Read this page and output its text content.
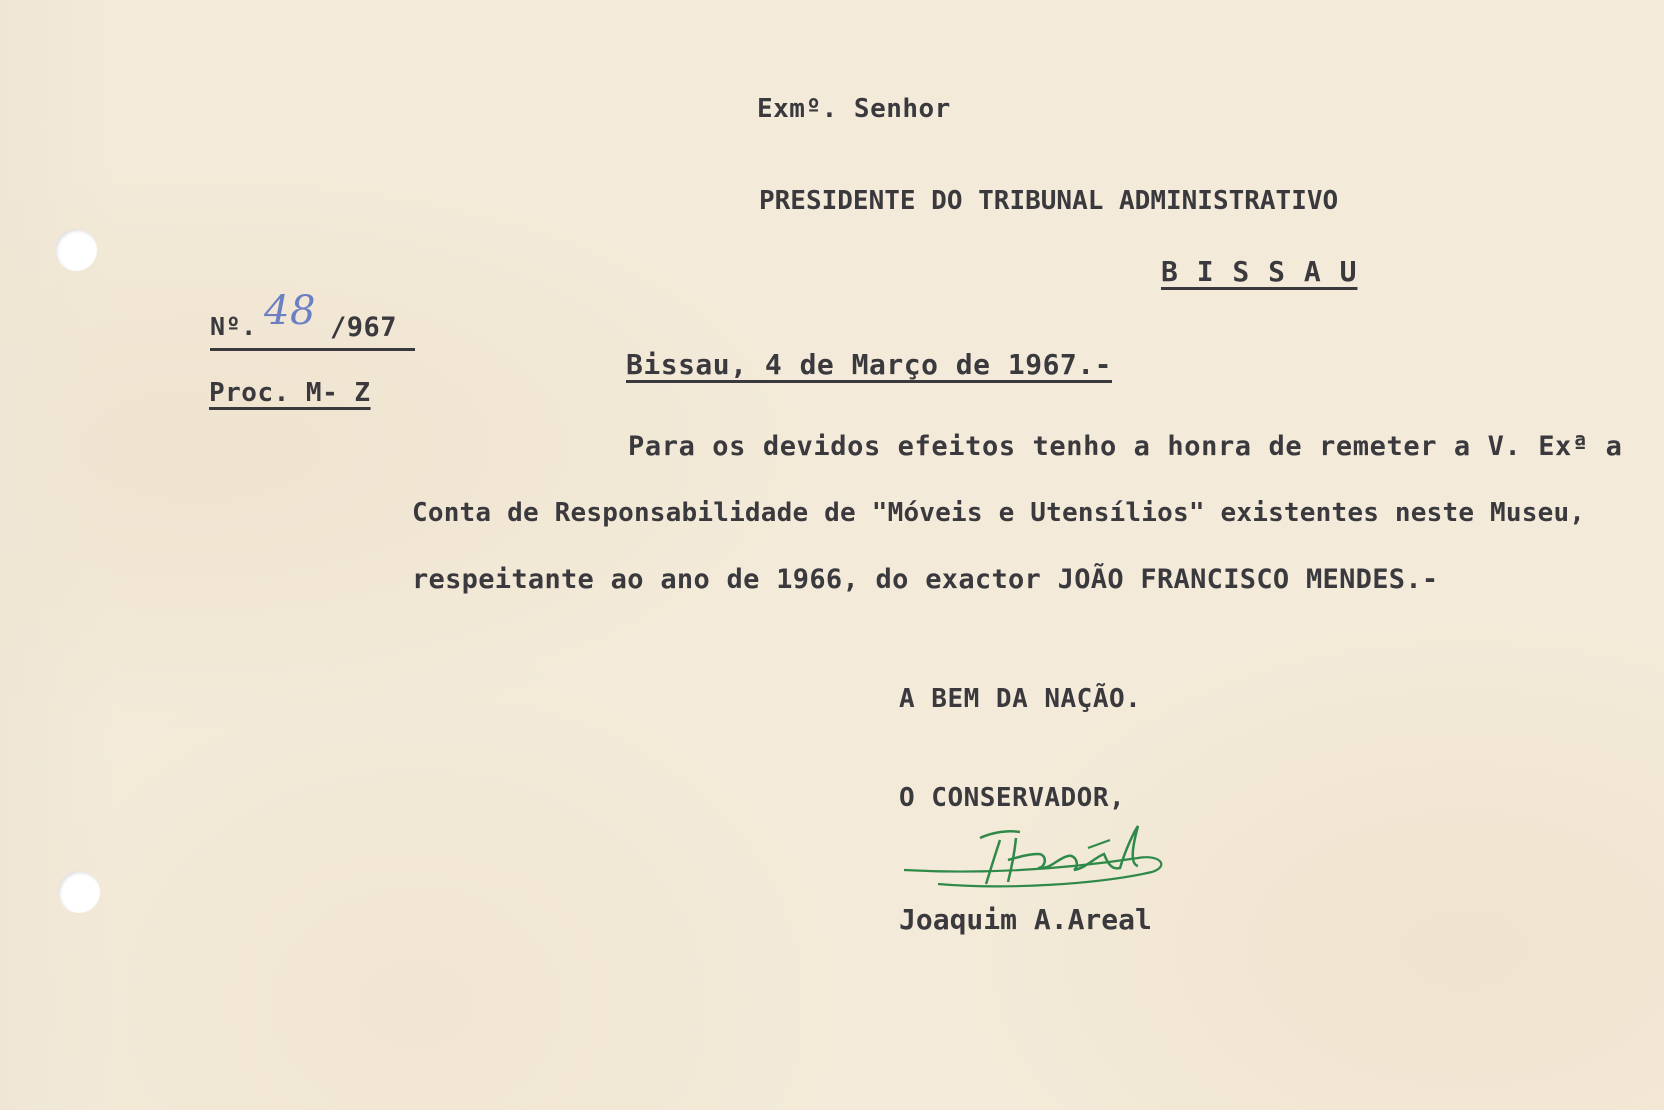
Exmº. Senhor
PRESIDENTE DO TRIBUNAL ADMINISTRATIVO
B I S S A U
Nº. 48 /967
Proc. M- Z
Bissau, 4 de Março de 1967.-
Para os devidos efeitos tenho a honra de remeter a V. Exª a
Conta de Responsabilidade de "Móveis e Utensílios" existentes neste Museu,
respeitante ao ano de 1966, do exactor JOÃO FRANCISCO MENDES.-
A BEM DA NAÇÃO.
O CONSERVADOR,
Joaquim A.Areal
